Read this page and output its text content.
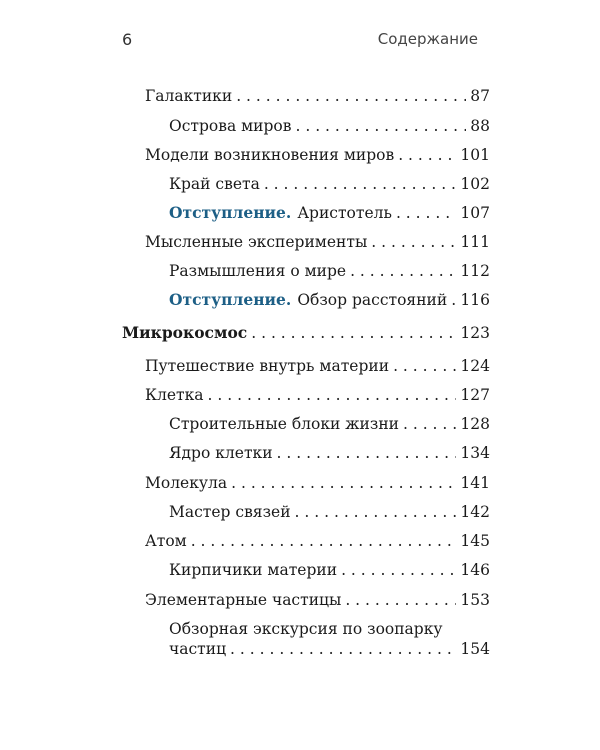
6	Содержание
Галактики . . .	87
Острова миров . . .	88
Модели возникновения миров . . .	101
Край света . . .	102
Отступление. Аристотель . . .	107
Мысленные эксперименты . . .	111
Размышления о мире . . .	112
Отступление. Обзор расстояний . . . 116
Микрокосмос . . .	123
Путешествие внутрь материи . . .	124
Клетка . . .	127
Строительные блоки жизни . . .	128
Ядро клетки . . .	134
Молекула . . .	141
Мастер связей . . .	142
Атом . . .	145
Кирпичики материи . . .	146
Элементарные частицы . . .	153
Обзорная экскурсия по зоопарку
частиц . . .	154
